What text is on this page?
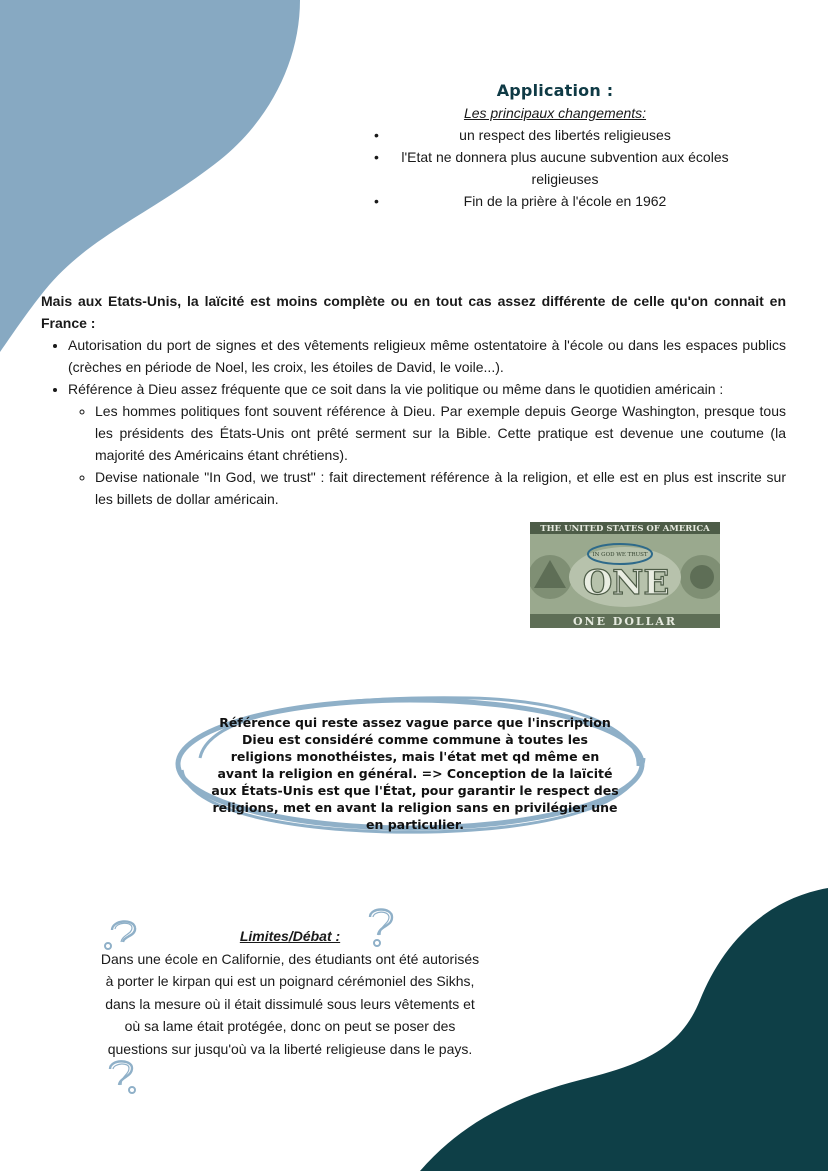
Application :
Les principaux changements:
• un respect des libertés religieuses
• l'Etat ne donnera plus aucune subvention aux écoles religieuses
• Fin de la prière à l'école en 1962

Mais aux Etats-Unis, la laïcité est moins complète ou en tout cas assez différente de celle qu'on connait en France :

• Autorisation du port de signes et des vêtements religieux même ostentatoire à l'école ou dans les espaces publics (crèches en période de Noel, les croix, les étoiles de David, le voile...).
• Référence à Dieu assez fréquente que ce soit dans la vie politique ou même dans le quotidien américain :
◦ Les hommes politiques font souvent référence à Dieu. Par exemple depuis George Washington, presque tous les présidents des États-Unis ont prêté serment sur la Bible. Cette pratique est devenue une coutume (la majorité des Américains étant chrétiens).
◦ Devise nationale "In God, we trust" : fait directement référence à la religion, et elle est en plus est inscrite sur les billets de dollar américain.
THE UNITED STATES OF AMERICA
ONE
IN GOD WE TRUST
ONE DOLLAR
Référence qui reste assez vague parce que l'inscription Dieu est considéré comme commune à toutes les religions monothéistes, mais l'état met qd même en avant la religion en général. => Conception de la laïcité aux États-Unis est que l'État, pour garantir le respect des religions, met en avant la religion sans en privilégier une en particulier.
Limites/Débat :

Dans une école en Californie, des étudiants ont été autorisés à porter le kirpan qui est un poignard cérémoniel des Sikhs, dans la mesure où il était dissimulé sous leurs vêtements et où sa lame était protégée, donc on peut se poser des questions sur jusqu'où va la liberté religieuse dans le pays.
